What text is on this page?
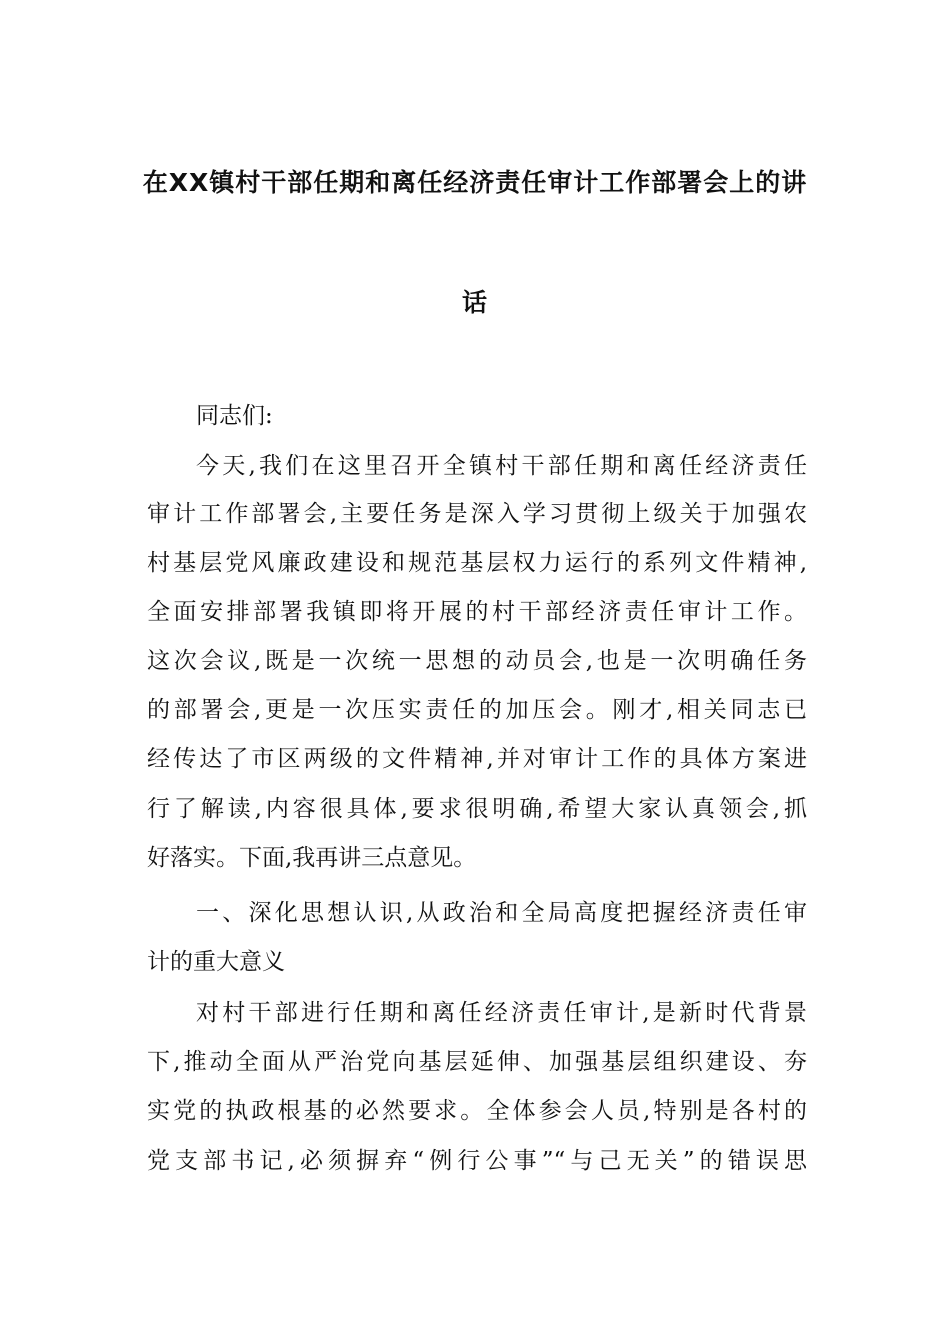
在XX镇村干部任期和离任经济责任审计工作部署会上的讲
话
同志们:
今天,我们在这里召开全镇村干部任期和离任经济责任
审计工作部署会,主要任务是深入学习贯彻上级关于加强农
村基层党风廉政建设和规范基层权力运行的系列文件精神,
全面安排部署我镇即将开展的村干部经济责任审计工作。
这次会议,既是一次统一思想的动员会,也是一次明确任务
的部署会,更是一次压实责任的加压会。刚才,相关同志已
经传达了市区两级的文件精神,并对审计工作的具体方案进
行了解读,内容很具体,要求很明确,希望大家认真领会,抓
好落实。下面,我再讲三点意见。
一、深化思想认识,从政治和全局高度把握经济责任审
计的重大意义
对村干部进行任期和离任经济责任审计,是新时代背景
下,推动全面从严治党向基层延伸、加强基层组织建设、夯
实党的执政根基的必然要求。全体参会人员,特别是各村的
党支部书记,必须摒弃“例行公事”“与己无关”的错误思
